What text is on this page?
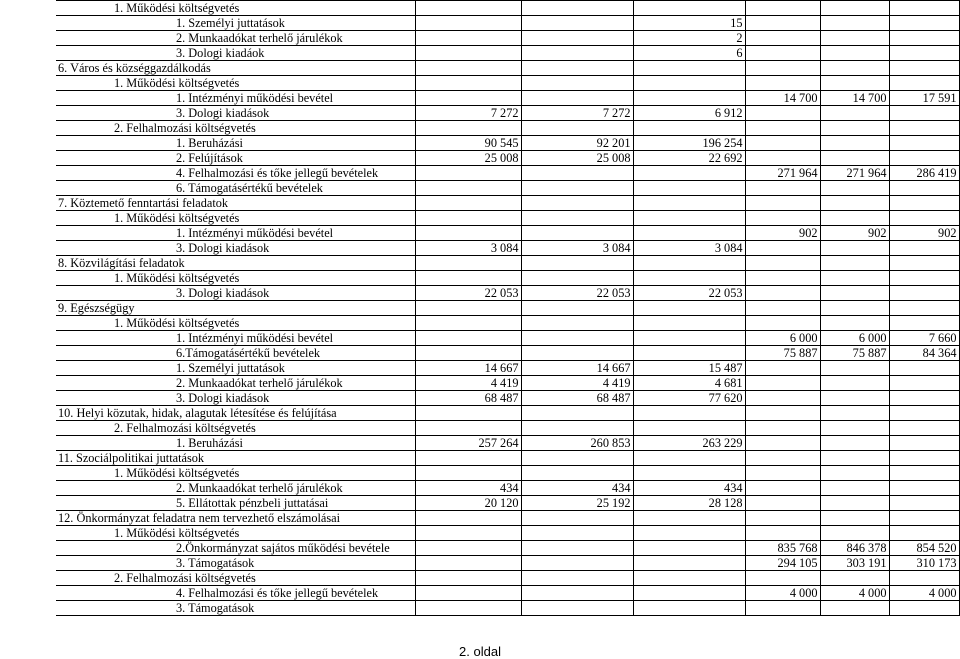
1. Működési költségvetés						
1. Személyi juttatások			15			
2. Munkaadókat terhelő járulékok			2			
3. Dologi kiadáok			6			
6. Város és községgazdálkodás						
1. Működési költségvetés						
1. Intézményi működési bevétel				14 700	14 700	17 591
3. Dologi kiadások	7 272	7 272	6 912			
2. Felhalmozási költségvetés						
1. Beruházási	90 545	92 201	196 254			
2. Felújítások	25 008	25 008	22 692			
4. Felhalmozási és tőke jellegű bevételek				271 964	271 964	286 419
6. Támogatásértékű bevételek						
7. Köztemető fenntartási feladatok						
1. Működési költségvetés						
1. Intézményi működési bevétel				902	902	902
3. Dologi kiadások	3 084	3 084	3 084			
8. Közvilágítási feladatok						
1. Működési költségvetés						
3. Dologi kiadások	22 053	22 053	22 053			
9. Egészségügy						
1. Működési költségvetés						
1. Intézményi működési bevétel				6 000	6 000	7 660
6.Támogatásértékű bevételek				75 887	75 887	84 364
1. Személyi juttatások	14 667	14 667	15 487			
2. Munkaadókat terhelő járulékok	4 419	4 419	4 681			
3. Dologi kiadások	68 487	68 487	77 620			
10. Helyi közutak, hidak, alagutak létesítése és felújítása						
2. Felhalmozási költségvetés						
1. Beruházási	257 264	260 853	263 229			
11. Szociálpolitikai juttatások						
1. Működési költségvetés						
2. Munkaadókat terhelő járulékok	434	434	434			
5. Ellátottak pénzbeli juttatásai	20 120	25 192	28 128			
12. Önkormányzat feladatra nem tervezhető elszámolásai						
1. Működési költségvetés						
2.Önkormányzat sajátos működési bevétele				835 768	846 378	854 520
3. Támogatások				294 105	303 191	310 173
2. Felhalmozási költségvetés						
4. Felhalmozási és tőke jellegű bevételek				4 000	4 000	4 000
3. Támogatások						
2. oldal
